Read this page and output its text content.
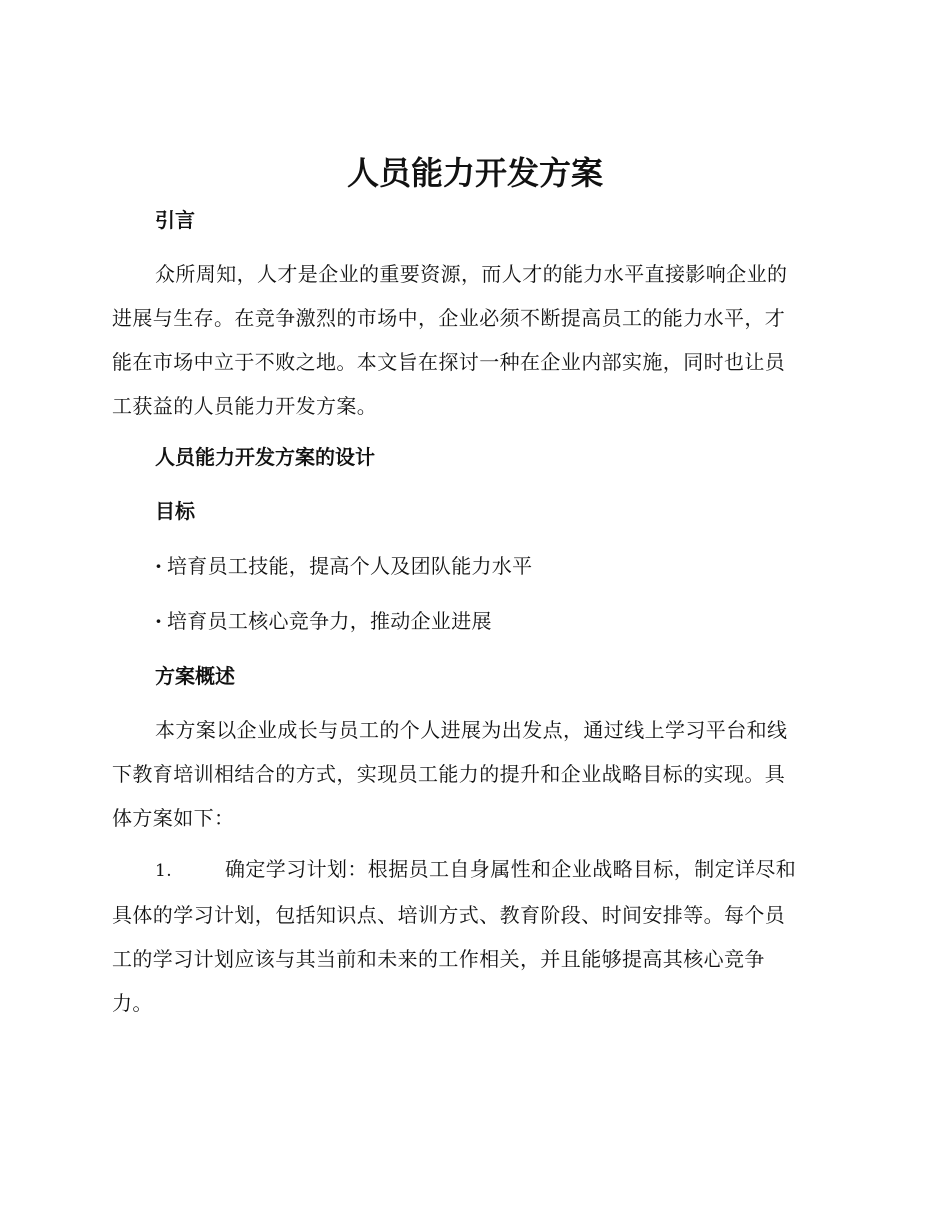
人员能力开发方案
引言
众所周知，人才是企业的重要资源，而人才的能力水平直接影响企业的
进展与生存。在竞争激烈的市场中，企业必须不断提高员工的能力水平，才
能在市场中立于不败之地。本文旨在探讨一种在企业内部实施，同时也让员
工获益的人员能力开发方案。
人员能力开发方案的设计
目标
· 培育员工技能，提高个人及团队能力水平
· 培育员工核心竞争力，推动企业进展
方案概述
本方案以企业成长与员工的个人进展为出发点，通过线上学习平台和线
下教育培训相结合的方式，实现员工能力的提升和企业战略目标的实现。具
体方案如下：
1.	确定学习计划：根据员工自身属性和企业战略目标，制定详尽和
具体的学习计划，包括知识点、培训方式、教育阶段、时间安排等。每个员
工的学习计划应该与其当前和未来的工作相关，并且能够提高其核心竞争
力。
